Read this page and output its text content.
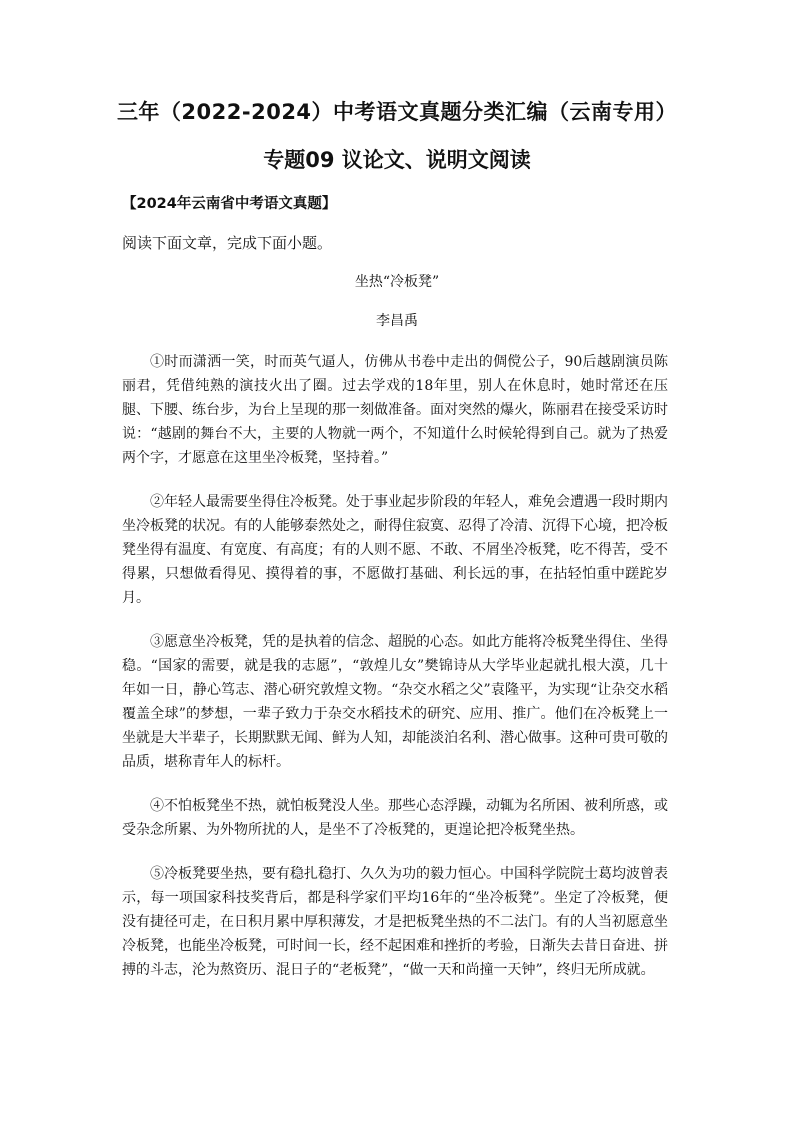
三年（2022-2024）中考语文真题分类汇编（云南专用）
专题09 议论文、说明文阅读
【2024年云南省中考语文真题】
阅读下面文章，完成下面小题。
坐热“冷板凳”
李昌禹

①时而潇洒一笑，时而英气逼人，仿佛从书卷中走出的倜傥公子，90后越剧演员陈丽君，凭借纯熟的演技火出了圈。过去学戏的18年里，别人在休息时，她时常还在压腿、下腰、练台步，为台上呈现的那一刻做准备。面对突然的爆火，陈丽君在接受采访时说：“越剧的舞台不大，主要的人物就一两个，不知道什么时候轮得到自己。就为了热爱两个字，才愿意在这里坐冷板凳，坚持着。”

②年轻人最需要坐得住冷板凳。处于事业起步阶段的年轻人，难免会遭遇一段时期内坐冷板凳的状况。有的人能够泰然处之，耐得住寂寞、忍得了冷清、沉得下心境，把冷板凳坐得有温度、有宽度、有高度；有的人则不愿、不敢、不屑坐冷板凳，吃不得苦，受不得累，只想做看得见、摸得着的事，不愿做打基础、利长远的事，在拈轻怕重中蹉跎岁月。

③愿意坐冷板凳，凭的是执着的信念、超脱的心态。如此方能将冷板凳坐得住、坐得稳。“国家的需要，就是我的志愿”，“敦煌儿女”樊锦诗从大学毕业起就扎根大漠，几十年如一日，静心笃志、潜心研究敦煌文物。“杂交水稻之父”袁隆平，为实现“让杂交水稻覆盖全球”的梦想，一辈子致力于杂交水稻技术的研究、应用、推广。他们在冷板凳上一坐就是大半辈子，长期默默无闻、鲜为人知，却能淡泊名利、潜心做事。这种可贵可敬的品质，堪称青年人的标杆。

④不怕板凳坐不热，就怕板凳没人坐。那些心态浮躁，动辄为名所困、被利所惑，或受杂念所累、为外物所扰的人，是坐不了冷板凳的，更遑论把冷板凳坐热。

⑤冷板凳要坐热，要有稳扎稳打、久久为功的毅力恒心。中国科学院院士葛均波曾表示，每一项国家科技奖背后，都是科学家们平均16年的“坐冷板凳”。坐定了冷板凳，便没有捷径可走，在日积月累中厚积薄发，才是把板凳坐热的不二法门。有的人当初愿意坐冷板凳，也能坐冷板凳，可时间一长，经不起困难和挫折的考验，日渐失去昔日奋进、拼搏的斗志，沦为熬资历、混日子的“老板凳”，“做一天和尚撞一天钟”，终归无所成就。
